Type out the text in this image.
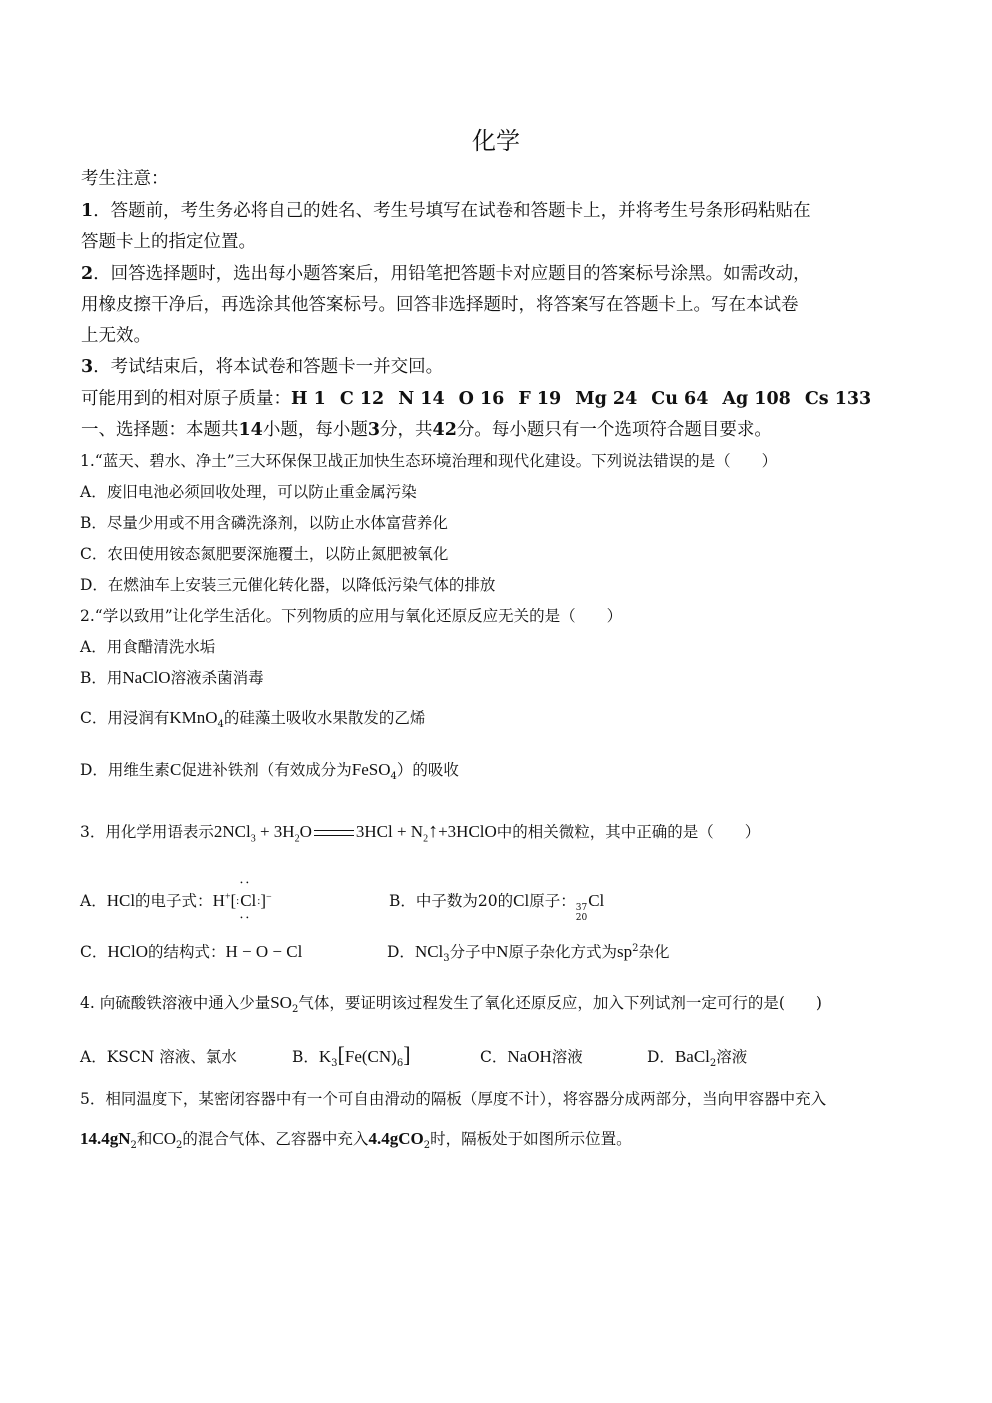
化学
考生注意：
1．答题前，考生务必将自己的姓名、考生号填写在试卷和答题卡上，并将考生号条形码粘贴在
答题卡上的指定位置。
2．回答选择题时，选出每小题答案后，用铅笔把答题卡对应题目的答案标号涂黑。如需改动，
用橡皮擦干净后，再选涂其他答案标号。回答非选择题时，将答案写在答题卡上。写在本试卷
上无效。
3．考试结束后，将本试卷和答题卡一并交回。
可能用到的相对原子质量：H 1 C 12 N 14 O 16 F 19 Mg 24 Cu 64 Ag 108 Cs 133
一、选择题：本题共14小题，每小题3分，共42分。每小题只有一个选项符合题目要求。
1.“蓝天、碧水、净土”三大环保保卫战正加快生态环境治理和现代化建设。下列说法错误的是（　　）
A．废旧电池必须回收处理，可以防止重金属污染
B．尽量少用或不用含磷洗涤剂，以防止水体富营养化
C．农田使用铵态氮肥要深施覆土，以防止氮肥被氧化
D．在燃油车上安装三元催化转化器，以降低污染气体的排放
2.“学以致用”让化学生活化。下列物质的应用与氧化还原反应无关的是（　　）
A．用食醋清洗水垢
B．用NaClO溶液杀菌消毒
C．用浸润有KMnO$_4$的硅藻土吸收水果散发的乙烯
D．用维生素C促进补铁剂（有效成分为FeSO$_4$）的吸收
3．用化学用语表示$2NCl_3 + 3H_2O$	$3HCl + N_2↑+3HClO$中的相关微粒，其中正确的是（　　）
A．HCl的电子式：H+[:• • Cl • •:]−	B．中子数为20的Cl原子： 37
20
Cl
C．HClO的结构式：H − O − Cl	D．NCl$_3$分子中N原子杂化方式为$sp^2$杂化
4. 向硫酸铁溶液中通入少量$SO_2$气体，要证明该过程发生了氧化还原反应，加入下列试剂一定可行的是(　　)
A．KSCN 溶液、氯水	B．$K_3[Fe(CN)_6]$	C．NaOH溶液	D．BaCl$_2$溶液
5．相同温度下，某密闭容器中有一个可自由滑动的隔板（厚度不计），将容器分成两部分，当向甲容器中充入
$14.4gN_2$和$CO_2$的混合气体、乙容器中充入4.4gCO$_2$时，隔板处于如图所示位置。
